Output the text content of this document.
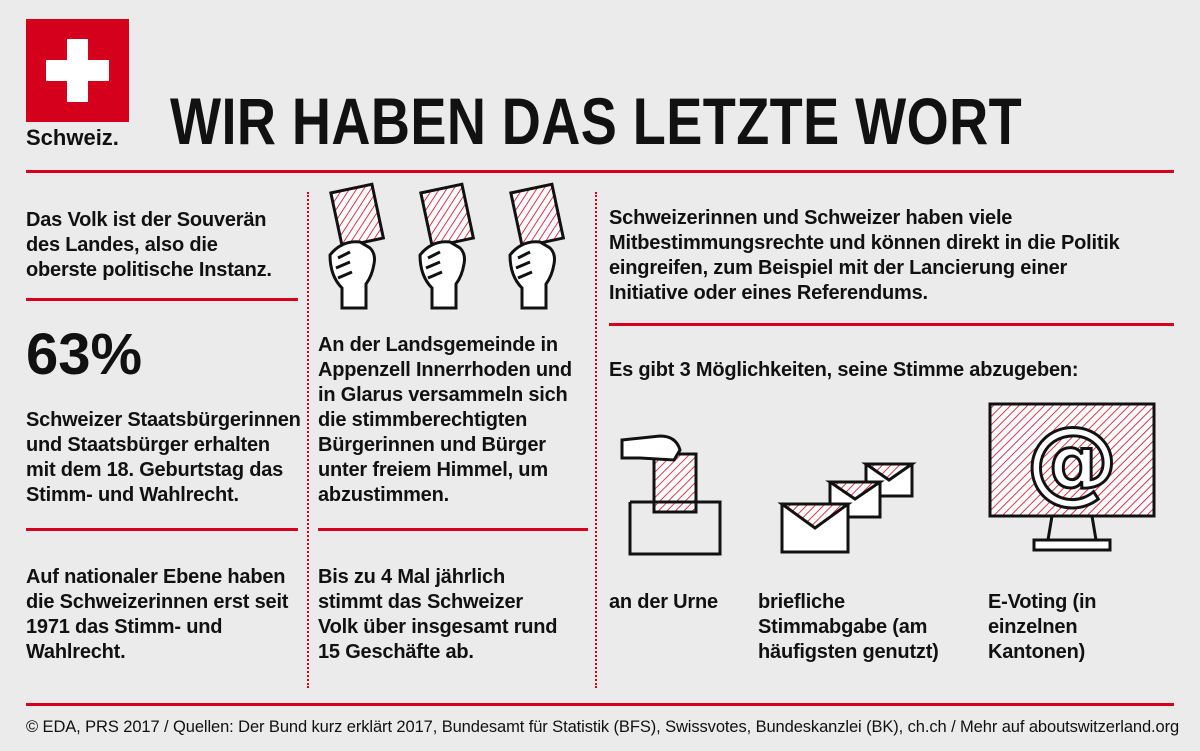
Schweiz. WIR HABEN DAS LETZTE WORT
Das Volk ist der Souverän des Landes, also die oberste politische Instanz.
63%
Schweizer Staatsbürgerinnen und Staatsbürger erhalten mit dem 18. Geburtstag das Stimm- und Wahlrecht.
Auf nationaler Ebene haben die Schweizerinnen erst seit 1971 das Stimm- und Wahlrecht.
An der Landsgemeinde in Appenzell Innerrhoden und in Glarus versammeln sich die stimmberechtigten Bürgerinnen und Bürger unter freiem Himmel, um abzustimmen.
Bis zu 4 Mal jährlich stimmt das Schweizer Volk über insgesamt rund 15 Geschäfte ab.
Schweizerinnen und Schweizer haben viele Mitbestimmungsrechte und können direkt in die Politik eingreifen, zum Beispiel mit der Lancierung einer Initiative oder eines Referendums.
Es gibt 3 Möglichkeiten, seine Stimme abzugeben:
@
an der Urne	briefliche Stimmabgabe (am häufigsten genutzt)
E-Voting (in einzelnen Kantonen)
© EDA, PRS 2017 / Quellen: Der Bund kurz erklärt 2017, Bundesamt für Statistik (BFS), Swissvotes, Bundeskanzlei (BK), ch.ch / Mehr auf aboutswitzerland.org
